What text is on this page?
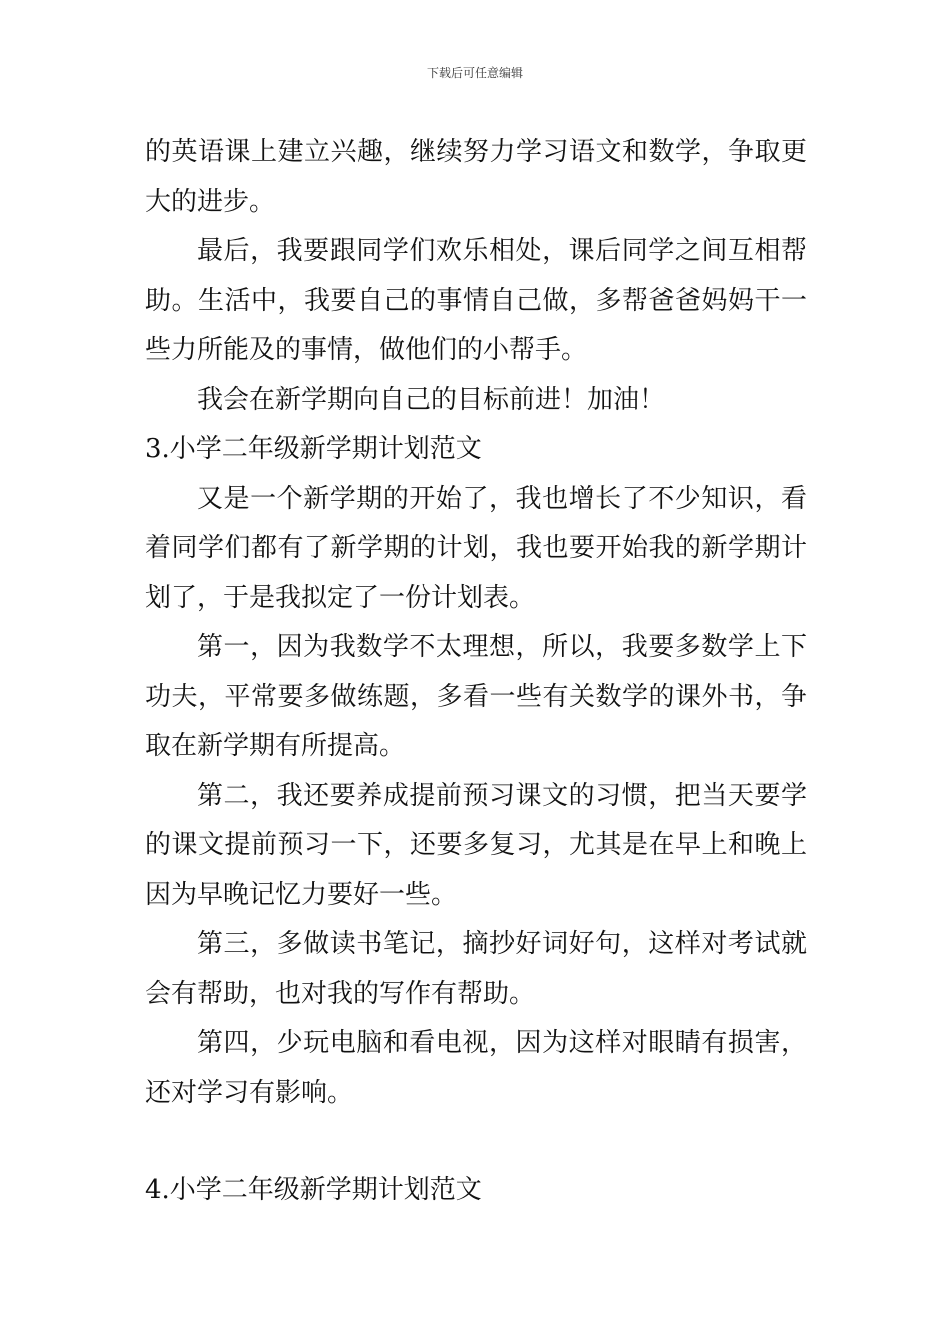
下载后可任意编辑

的英语课上建立兴趣，继续努力学习语文和数学，争取更大的进步。

最后，我要跟同学们欢乐相处，课后同学之间互相帮助。生活中，我要自己的事情自己做，多帮爸爸妈妈干一些力所能及的事情，做他们的小帮手。

我会在新学期向自己的目标前进！加油！

3.小学二年级新学期计划范文

又是一个新学期的开始了，我也增长了不少知识，看着同学们都有了新学期的计划，我也要开始我的新学期计划了，于是我拟定了一份计划表。

第一，因为我数学不太理想，所以，我要多数学上下功夫，平常要多做练题，多看一些有关数学的课外书，争取在新学期有所提高。

第二，我还要养成提前预习课文的习惯，把当天要学的课文提前预习一下，还要多复习，尤其是在早上和晚上因为早晚记忆力要好一些。

第三，多做读书笔记，摘抄好词好句，这样对考试就会有帮助，也对我的写作有帮助。

第四，少玩电脑和看电视，因为这样对眼睛有损害，还对学习有影响。

4.小学二年级新学期计划范文
